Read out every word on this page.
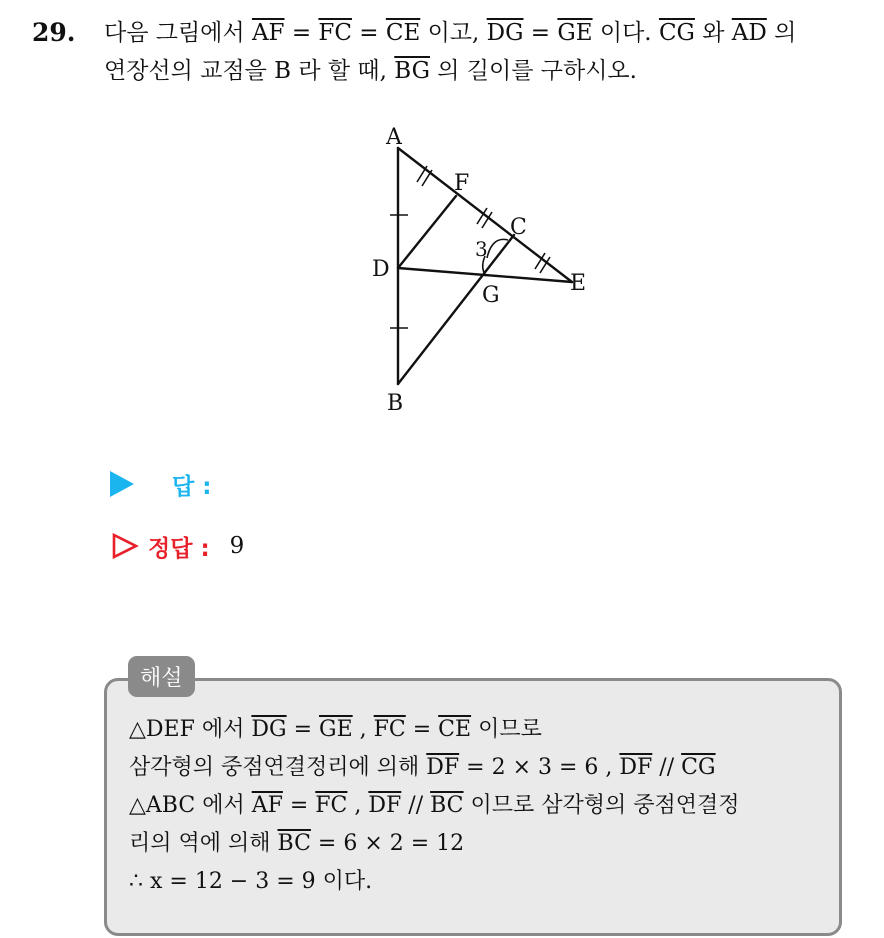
29. 다음 그림에서 $\overline{AF} = \overline{FC} = \overline{CE}$ 이고, $\overline{DG} = \overline{GE}$ 이다. $\overline{CG}$ 와 $\overline{AD}$ 의
연장선의 교점을 B 라 할 때, $\overline{BG}$ 의 길이를 구하시오.
A
F
C
D
G	E
B
3
답 :
정답 : 9
해설
△DEF 에서 $\overline{DG} = \overline{GE}$ , $\overline{FC} = \overline{CE}$ 이므로
삼각형의 중점연결정리에 의해 $\overline{DF} = 2 \times 3 = 6$ , $\overline{DF} // \overline{CG}$
△ABC 에서 $\overline{AF} = \overline{FC}$ , $\overline{DF} // \overline{BC}$ 이므로 삼각형의 중점연결정
리의 역에 의해 $\overline{BC} = 6 \times 2 = 12$
∴ x = 12 − 3 = 9 이다.
